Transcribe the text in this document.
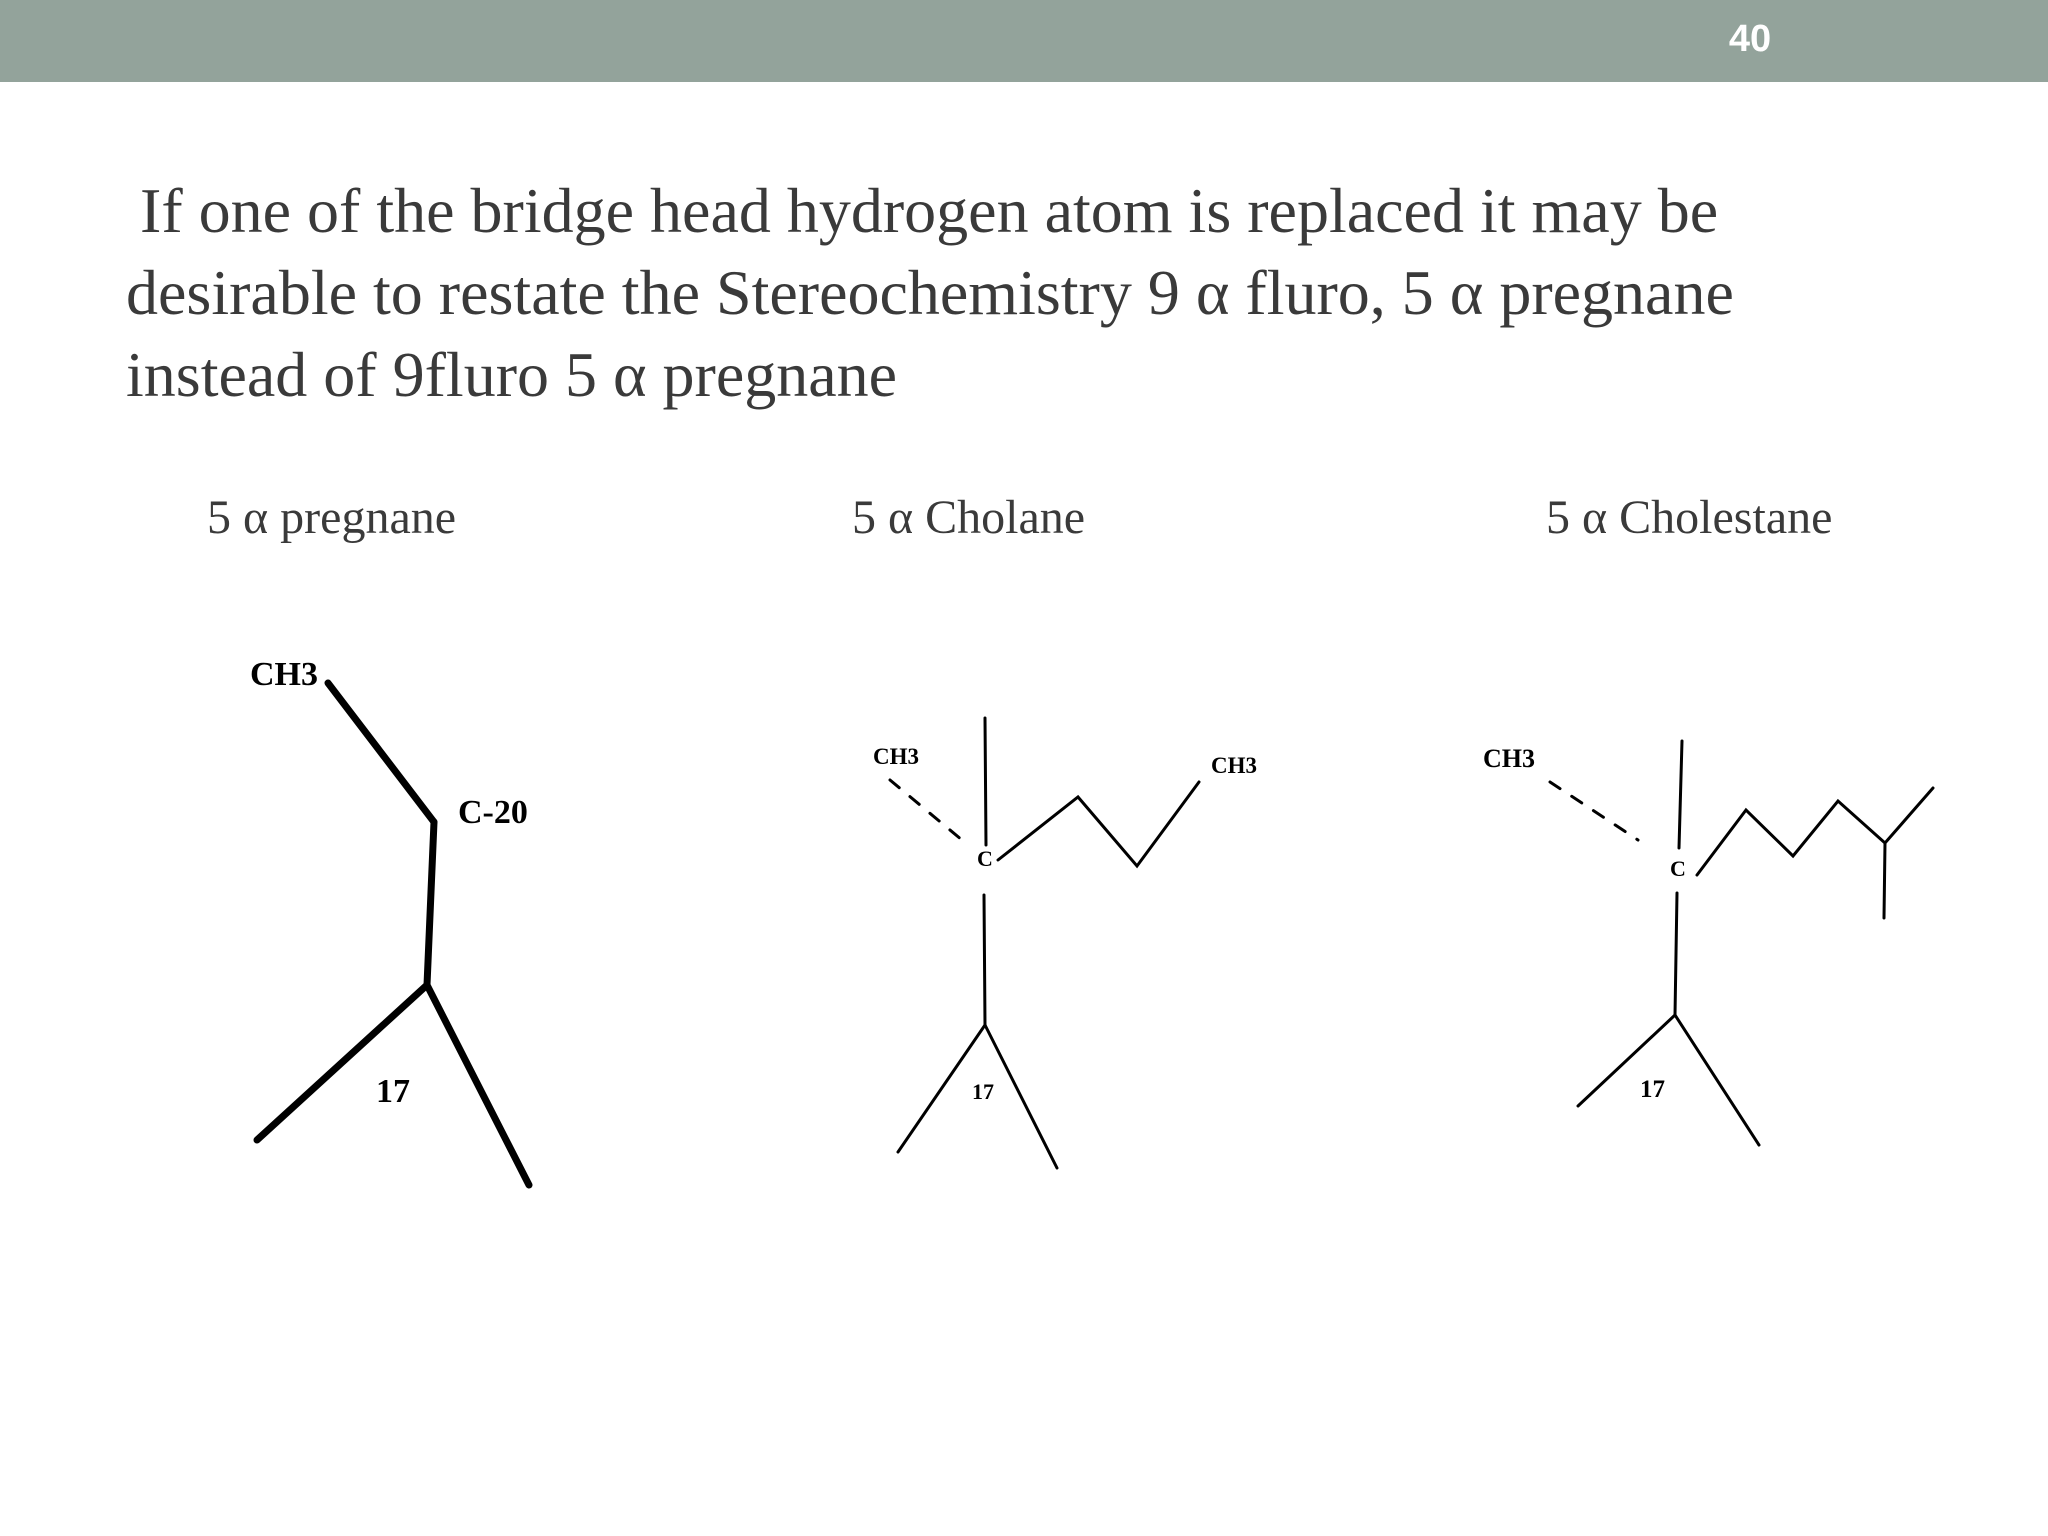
40
If one of the bridge head hydrogen atom is replaced it may be
desirable to restate the Stereochemistry 9 α fluro, 5 α pregnane
instead of 9fluro 5 α pregnane
5 α pregnane	5 α Cholane	5 α Cholestane
CH3
C-20
17
CH3	CH3
C
17
CH3
C
17
